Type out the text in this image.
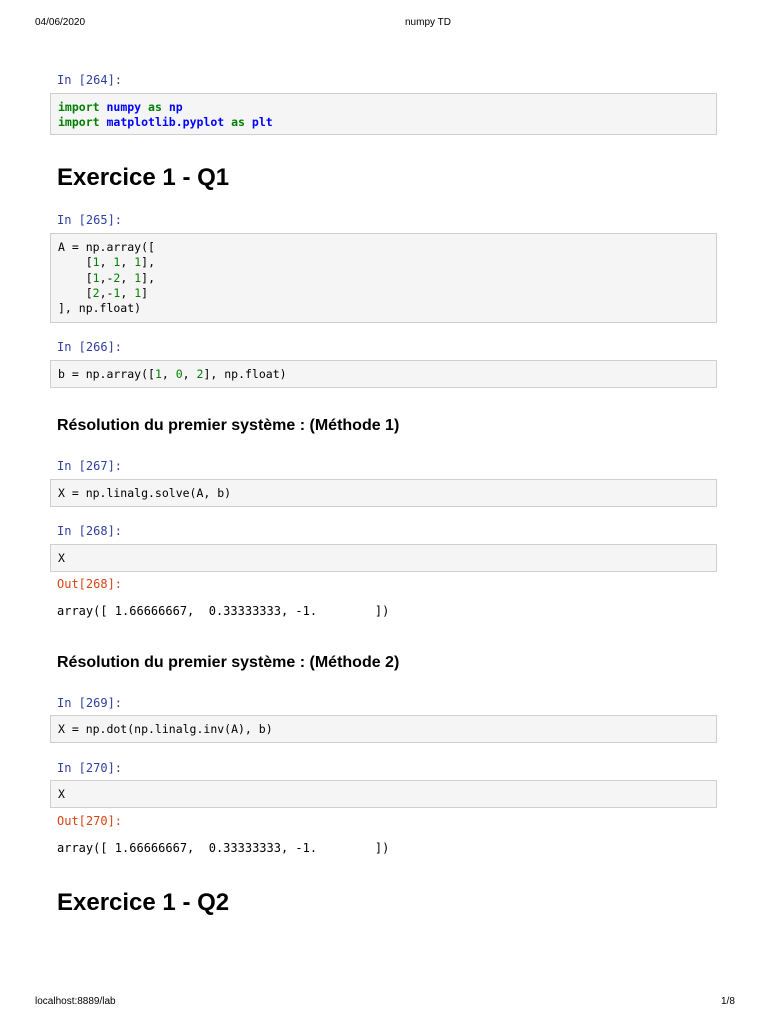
04/06/2020	numpy TD
In [264]:
import numpy as np
import matplotlib.pyplot as plt
Exercice 1 - Q1
In [265]:
A = np.array([
[1, 1, 1],
[1,-2, 1],
[2,-1, 1]
], np.float)
In [266]:
b = np.array([1, 0, 2], np.float)
Résolution du premier système : (Méthode 1)
In [267]:
X = np.linalg.solve(A, b)
In [268]:
X
Out[268]:
array([ 1.66666667,  0.33333333, -1.        ])
Résolution du premier système : (Méthode 2)
In [269]:
X = np.dot(np.linalg.inv(A), b)
In [270]:
X
Out[270]:
array([ 1.66666667,  0.33333333, -1.        ])
Exercice 1 - Q2
localhost:8889/lab	1/8
